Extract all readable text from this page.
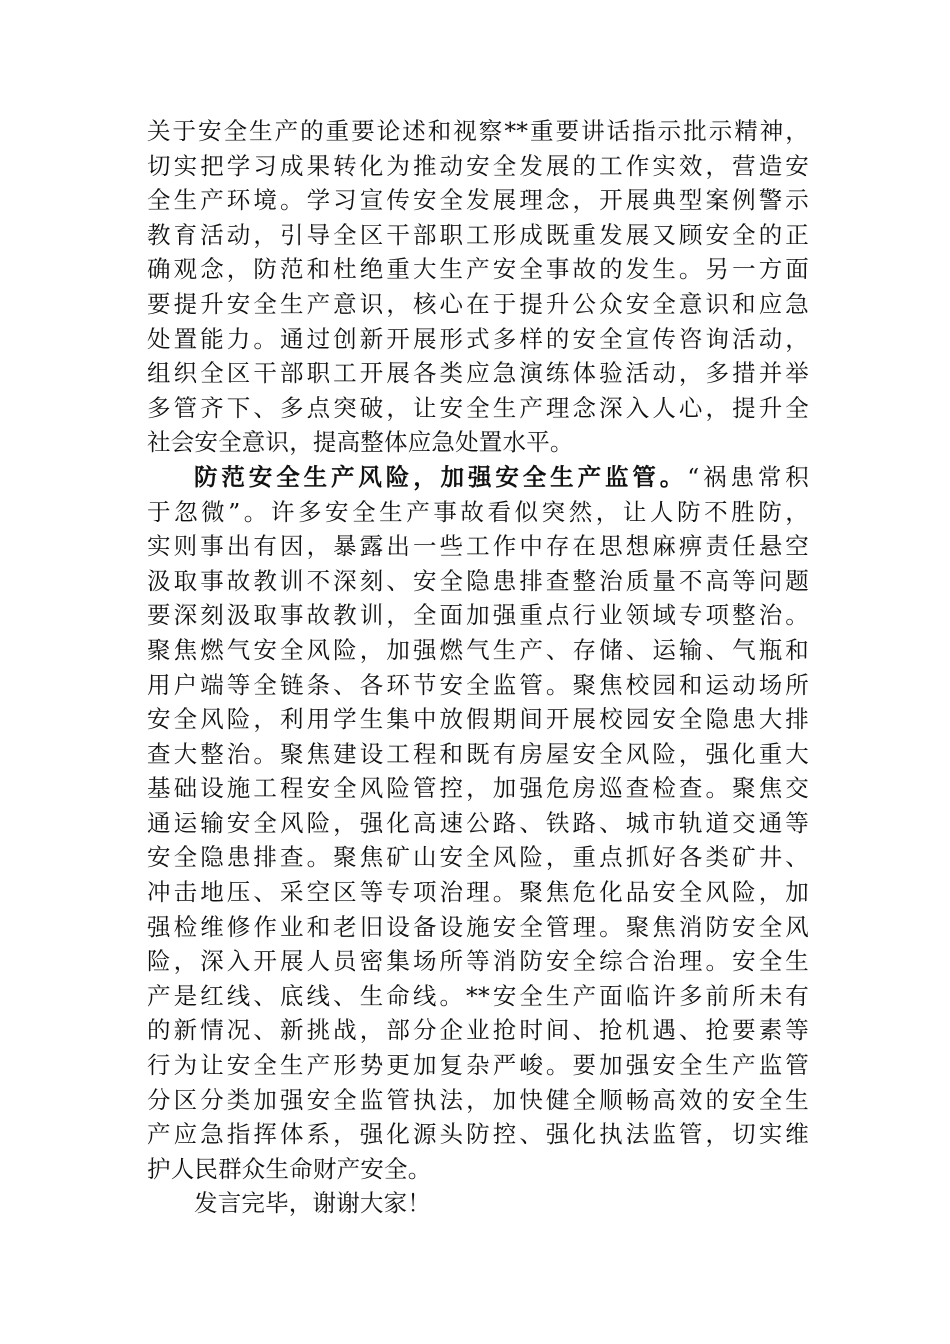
关于安全生产的重要论述和视察**重要讲话指示批示精神，
切实把学习成果转化为推动安全发展的工作实效，营造安
全生产环境。学习宣传安全发展理念，开展典型案例警示
教育活动，引导全区干部职工形成既重发展又顾安全的正
确观念，防范和杜绝重大生产安全事故的发生。另一方面
要提升安全生产意识，核心在于提升公众安全意识和应急
处置能力。通过创新开展形式多样的安全宣传咨询活动，
组织全区干部职工开展各类应急演练体验活动，多措并举
多管齐下、多点突破，让安全生产理念深入人心，提升全
社会安全意识，提高整体应急处置水平。
防范安全生产风险，加强安全生产监管。“祸患常积
于忽微”。许多安全生产事故看似突然，让人防不胜防，
实则事出有因，暴露出一些工作中存在思想麻痹责任悬空
汲取事故教训不深刻、安全隐患排查整治质量不高等问题
要深刻汲取事故教训，全面加强重点行业领域专项整治。
聚焦燃气安全风险，加强燃气生产、存储、运输、气瓶和
用户端等全链条、各环节安全监管。聚焦校园和运动场所
安全风险，利用学生集中放假期间开展校园安全隐患大排
查大整治。聚焦建设工程和既有房屋安全风险，强化重大
基础设施工程安全风险管控，加强危房巡查检查。聚焦交
通运输安全风险，强化高速公路、铁路、城市轨道交通等
安全隐患排查。聚焦矿山安全风险，重点抓好各类矿井、
冲击地压、采空区等专项治理。聚焦危化品安全风险，加
强检维修作业和老旧设备设施安全管理。聚焦消防安全风
险，深入开展人员密集场所等消防安全综合治理。安全生
产是红线、底线、生命线。**安全生产面临许多前所未有
的新情况、新挑战，部分企业抢时间、抢机遇、抢要素等
行为让安全生产形势更加复杂严峻。要加强安全生产监管
分区分类加强安全监管执法，加快健全顺畅高效的安全生
产应急指挥体系，强化源头防控、强化执法监管，切实维
护人民群众生命财产安全。
发言完毕，谢谢大家！
